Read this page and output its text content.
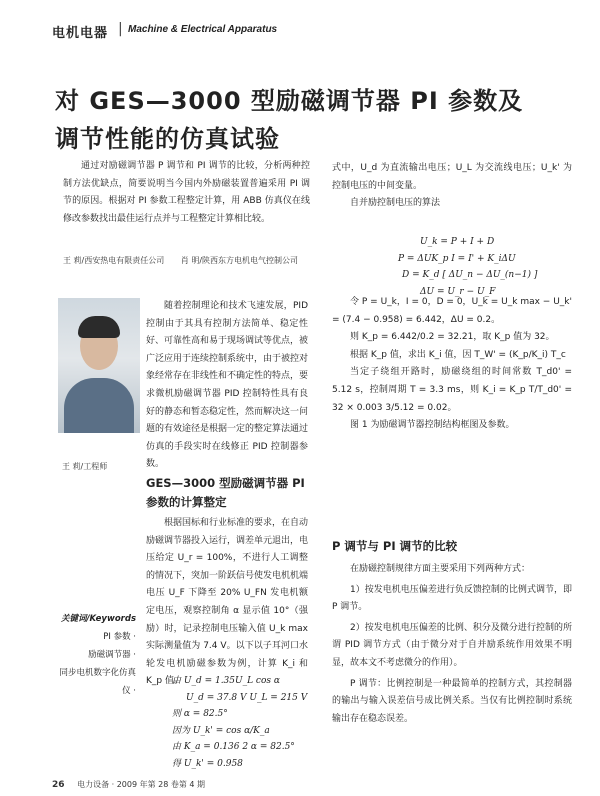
电机电器 | Machine & Electrical Apparatus
对 GES—3000 型励磁调节器 PI 参数及
调节性能的仿真试验

通过对励磁调节器 P 调节和 PI 调节的比较，分析两种控制方法优缺点，简要说明当今国内外励磁装置普遍采用 PI 调节的原因。根据对 PI 参数工程整定计算，用 ABB 仿真仪在线修改参数找出最佳运行点并与工程整定计算相比较。

王 莉/西安热电有限责任公司 肖 明/陕西东方电机电气控制公司
王 莉/工程师
关键词/Keywords
PI 参数 ·
励磁调节器 ·
同步电机数字化仿真仪 ·

随着控制理论和技术飞速发展，PID 控制由于其具有控制方法简单、稳定性好、可靠性高和易于现场调试等优点，被广泛应用于连续控制系统中，由于被控对象经常存在非线性和不确定性的特点，要求微机励磁调节器 PID 控制特性具有良好的静态和暂态稳定性，然而解决这一问题的有效途径是根据一定的整定算法通过仿真的手段实时在线修正 PID 控制器参数。

GES—3000 型励磁调节器 PI 参数的计算整定

根据国标和行业标准的要求，在自动励磁调节器投入运行，调差单元退出，电压给定 U_r = 100%，不进行人工调整的情况下，突加一阶跃信号使发电机机端电压 U_F 下降至 20% U_FN 发电机额定电压，观察控制角 α 显示值 10°（强励）时，记录控制电压输入值 U_k max 实际测量值为 7.4 V。以下以子耳河口水轮发电机励磁参数为例，计算 K_i 和 K_p 值。

由 U_d = 1.35U_L cos α
U_d = 37.8 V U_L = 215 V
则 α = 82.5°
因为 U_k' = cos α/K_a
由 K_a = 0.136 2 α = 82.5°
得 U_k' = 0.958

式中，U_d 为直流输出电压；U_L 为交流线电压；U_k' 为控制电压的中间变量。

自并励控制电压的算法

U_k = P + I + D
P = ΔUK_p I = I' + K_iΔU
D = K_d [ ΔU_n − ΔU_(n−1) ]
ΔU = U_r − U_F

令 P = U_k，I = 0，D = 0，U_k = U_k max − U_k' = (7.4 − 0.958) = 6.442，ΔU = 0.2。

则 K_p = 6.442/0.2 = 32.21，取 K_p 值为 32。

根据 K_p 值，求出 K_i 值，因 T_W' = (K_p/K_i) T_c

当定子绕组开路时，励磁绕组的时间常数 T_d0' = 5.12 s，控制周期 T = 3.3 ms，则 K_i = K_p T/T_d0' = 32 × 0.003 3/5.12 = 0.02。

图 1 为励磁调节器控制结构框图及参数。

P 调节与 PI 调节的比较

在励磁控制规律方面主要采用下列两种方式：

1）按发电机电压偏差进行负反馈控制的比例式调节，即 P 调节。

2）按发电机电压偏差的比例、积分及微分进行控制的所谓 PID 调节方式（由于微分对于自并励系统作用效果不明显，故本文不考虑微分的作用）。

P 调节：比例控制是一种最简单的控制方式，其控制器的输出与输入误差信号成比例关系。当仅有比例控制时系统输出存在稳态误差。

26 电力设备 · 2009 年第 28 卷第 4 期
